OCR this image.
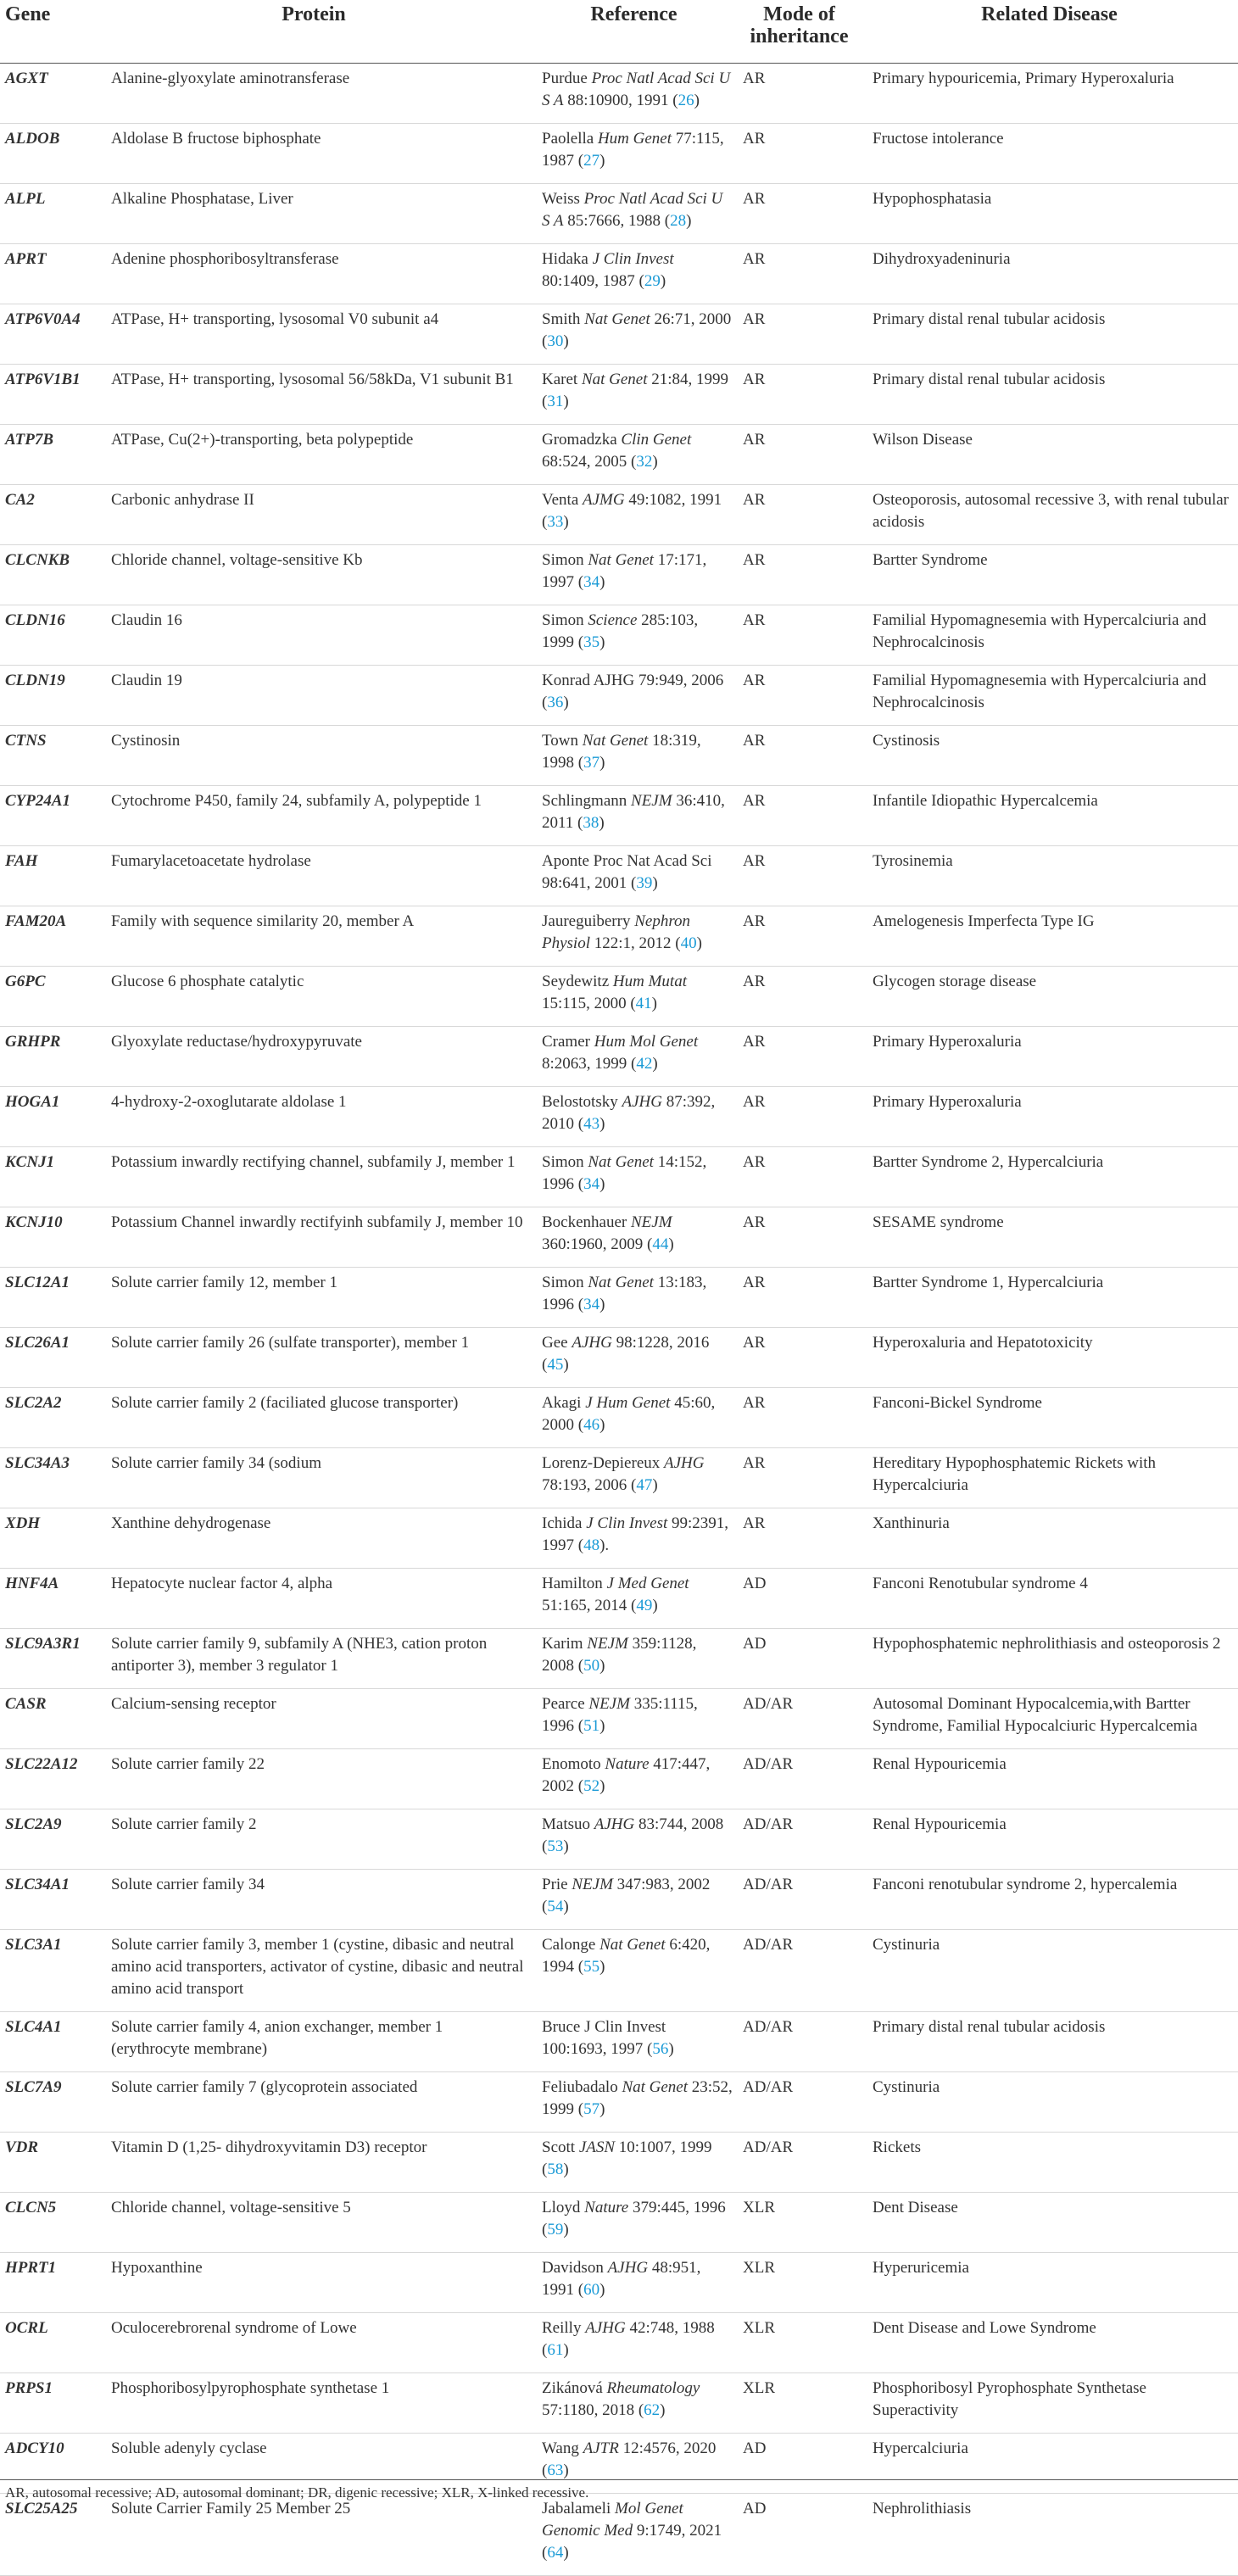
Gene	Protein	Reference	Mode of inheritance	Related Disease
AGXT	Alanine-glyoxylate aminotransferase	Purdue Proc Natl Acad Sci U S A 88:10900, 1991 (26)	AR	Primary hypouricemia, Primary Hyperoxaluria
ALDOB	Aldolase B fructose biphosphate	Paolella Hum Genet 77:115, 1987 (27)	AR	Fructose intolerance
ALPL	Alkaline Phosphatase, Liver	Weiss Proc Natl Acad Sci U S A 85:7666, 1988 (28)	AR	Hypophosphatasia
APRT	Adenine phosphoribosyltransferase	Hidaka J Clin Invest 80:1409, 1987 (29)	AR	Dihydroxyadeninuria
ATP6V0A4	ATPase, H+ transporting, lysosomal V0 subunit a4	Smith Nat Genet 26:71, 2000 (30)	AR	Primary distal renal tubular acidosis
ATP6V1B1	ATPase, H+ transporting, lysosomal 56/58kDa, V1 subunit B1	Karet Nat Genet 21:84, 1999 (31)	AR	Primary distal renal tubular acidosis
ATP7B	ATPase, Cu(2+)-transporting, beta polypeptide	Gromadzka Clin Genet 68:524, 2005 (32)	AR	Wilson Disease
CA2	Carbonic anhydrase II	Venta AJMG 49:1082, 1991 (33)	AR	Osteoporosis, autosomal recessive 3, with renal tubular acidosis
CLCNKB	Chloride channel, voltage-sensitive Kb	Simon Nat Genet 17:171, 1997 (34)	AR	Bartter Syndrome
CLDN16	Claudin 16	Simon Science 285:103, 1999 (35)	AR	Familial Hypomagnesemia with Hypercalciuria and Nephrocalcinosis
CLDN19	Claudin 19	Konrad AJHG 79:949, 2006 (36)	AR	Familial Hypomagnesemia with Hypercalciuria and Nephrocalcinosis
CTNS	Cystinosin	Town Nat Genet 18:319, 1998 (37)	AR	Cystinosis
CYP24A1	Cytochrome P450, family 24, subfamily A, polypeptide 1	Schlingmann NEJM 36:410, 2011 (38)	AR	Infantile Idiopathic Hypercalcemia
FAH	Fumarylacetoacetate hydrolase	Aponte Proc Nat Acad Sci 98:641, 2001 (39)	AR	Tyrosinemia
FAM20A	Family with sequence similarity 20, member A	Jaureguiberry Nephron Physiol 122:1, 2012 (40)	AR	Amelogenesis Imperfecta Type IG
G6PC	Glucose 6 phosphate catalytic	Seydewitz Hum Mutat 15:115, 2000 (41)	AR	Glycogen storage disease
GRHPR	Glyoxylate reductase/hydroxypyruvate	Cramer Hum Mol Genet 8:2063, 1999 (42)	AR	Primary Hyperoxaluria
HOGA1	4-hydroxy-2-oxoglutarate aldolase 1	Belostotsky AJHG 87:392, 2010 (43)	AR	Primary Hyperoxaluria
KCNJ1	Potassium inwardly rectifying channel, subfamily J, member 1	Simon Nat Genet 14:152, 1996 (34)	AR	Bartter Syndrome 2, Hypercalciuria
KCNJ10	Potassium Channel inwardly rectifyinh subfamily J, member 10	Bockenhauer NEJM 360:1960, 2009 (44)	AR	SESAME syndrome
SLC12A1	Solute carrier family 12, member 1	Simon Nat Genet 13:183, 1996 (34)	AR	Bartter Syndrome 1, Hypercalciuria
SLC26A1	Solute carrier family 26 (sulfate transporter), member 1	Gee AJHG 98:1228, 2016 (45)	AR	Hyperoxaluria and Hepatotoxicity
SLC2A2	Solute carrier family 2 (faciliated glucose transporter)	Akagi J Hum Genet 45:60, 2000 (46)	AR	Fanconi-Bickel Syndrome
SLC34A3	Solute carrier family 34 (sodium	Lorenz-Depiereux AJHG 78:193, 2006 (47)	AR	Hereditary Hypophosphatemic Rickets with Hypercalciuria
XDH	Xanthine dehydrogenase	Ichida J Clin Invest 99:2391, 1997 (48).	AR	Xanthinuria
HNF4A	Hepatocyte nuclear factor 4, alpha	Hamilton J Med Genet 51:165, 2014 (49)	AD	Fanconi Renotubular syndrome 4
SLC9A3R1	Solute carrier family 9, subfamily A (NHE3, cation proton antiporter 3), member 3 regulator 1	Karim NEJM 359:1128, 2008 (50)	AD	Hypophosphatemic nephrolithiasis and osteoporosis 2
CASR	Calcium-sensing receptor	Pearce NEJM 335:1115, 1996 (51)	AD/AR	Autosomal Dominant Hypocalcemia,with Bartter Syndrome, Familial Hypocalciuric Hypercalcemia
SLC22A12	Solute carrier family 22	Enomoto Nature 417:447, 2002 (52)	AD/AR	Renal Hypouricemia
SLC2A9	Solute carrier family 2	Matsuo AJHG 83:744, 2008 (53)	AD/AR	Renal Hypouricemia
SLC34A1	Solute carrier family 34	Prie NEJM 347:983, 2002 (54)	AD/AR	Fanconi renotubular syndrome 2, hypercalemia
SLC3A1	Solute carrier family 3, member 1 (cystine, dibasic and neutral amino acid transporters, activator of cystine, dibasic and neutral amino acid transport	Calonge Nat Genet 6:420, 1994 (55)	AD/AR	Cystinuria
SLC4A1	Solute carrier family 4, anion exchanger, member 1 (erythrocyte membrane)	Bruce J Clin Invest 100:1693, 1997 (56)	AD/AR	Primary distal renal tubular acidosis
SLC7A9	Solute carrier family 7 (glycoprotein associated	Feliubadalo Nat Genet 23:52, 1999 (57)	AD/AR	Cystinuria
VDR	Vitamin D (1,25- dihydroxyvitamin D3) receptor	Scott JASN 10:1007, 1999 (58)	AD/AR	Rickets
CLCN5	Chloride channel, voltage-sensitive 5	Lloyd Nature 379:445, 1996 (59)	XLR	Dent Disease
HPRT1	Hypoxanthine	Davidson AJHG 48:951, 1991 (60)	XLR	Hyperuricemia
OCRL	Oculocerebrorenal syndrome of Lowe	Reilly AJHG 42:748, 1988 (61)	XLR	Dent Disease and Lowe Syndrome
PRPS1	Phosphoribosylpyrophosphate synthetase 1	Zikánová Rheumatology 57:1180, 2018 (62)	XLR	Phosphoribosyl Pyrophosphate Synthetase Superactivity
ADCY10	Soluble adenyly cyclase	Wang AJTR 12:4576, 2020 (63)	AD	Hypercalciuria
SLC25A25	Solute Carrier Family 25 Member 25	Jabalameli Mol Genet Genomic Med 9:1749, 2021 (64)	AD	Nephrolithiasis
AR, autosomal recessive; AD, autosomal dominant; DR, digenic recessive; XLR, X-linked recessive.
